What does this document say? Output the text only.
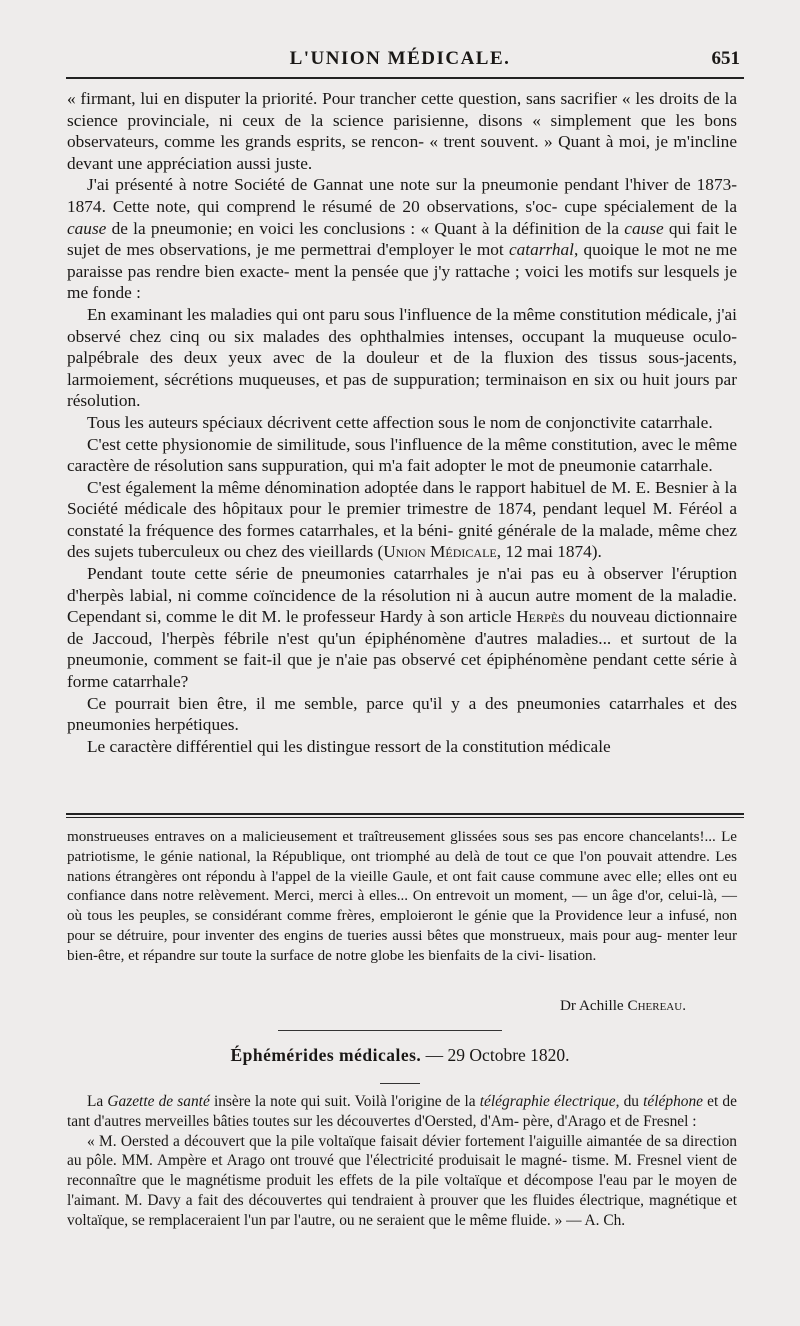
L'UNION MÉDICALE.	651

« firmant, lui en disputer la priorité. Pour trancher cette question, sans sacrifier « les droits de la science provinciale, ni ceux de la science parisienne, disons « simplement que les bons observateurs, comme les grands esprits, se rencon- « trent souvent. » Quant à moi, je m'incline devant une appréciation aussi juste.

J'ai présenté à notre Société de Gannat une note sur la pneumonie pendant l'hiver de 1873-1874. Cette note, qui comprend le résumé de 20 observations, s'oc- cupe spécialement de la cause de la pneumonie; en voici les conclusions : « Quant à la définition de la cause qui fait le sujet de mes observations, je me permettrai d'employer le mot catarrhal, quoique le mot ne me paraisse pas rendre bien exacte- ment la pensée que j'y rattache ; voici les motifs sur lesquels je me fonde :

En examinant les maladies qui ont paru sous l'influence de la même constitution médicale, j'ai observé chez cinq ou six malades des ophthalmies intenses, occupant la muqueuse oculo-palpébrale des deux yeux avec de la douleur et de la fluxion des tissus sous-jacents, larmoiement, sécrétions muqueuses, et pas de suppuration; terminaison en six ou huit jours par résolution.

Tous les auteurs spéciaux décrivent cette affection sous le nom de conjonctivite catarrhale.

C'est cette physionomie de similitude, sous l'influence de la même constitution, avec le même caractère de résolution sans suppuration, qui m'a fait adopter le mot de pneumonie catarrhale.

C'est également la même dénomination adoptée dans le rapport habituel de M. E. Besnier à la Société médicale des hôpitaux pour le premier trimestre de 1874, pendant lequel M. Féréol a constaté la fréquence des formes catarrhales, et la béni- gnité générale de la malade, même chez des sujets tuberculeux ou chez des vieillards (Union Médicale, 12 mai 1874).

Pendant toute cette série de pneumonies catarrhales je n'ai pas eu à observer l'éruption d'herpès labial, ni comme coïncidence de la résolution ni à aucun autre moment de la maladie. Cependant si, comme le dit M. le professeur Hardy à son article Herpès du nouveau dictionnaire de Jaccoud, l'herpès fébrile n'est qu'un épiphénomène d'autres maladies... et surtout de la pneumonie, comment se fait-il que je n'aie pas observé cet épiphénomène pendant cette série à forme catarrhale?

Ce pourrait bien être, il me semble, parce qu'il y a des pneumonies catarrhales et des pneumonies herpétiques.

Le caractère différentiel qui les distingue ressort de la constitution médicale

monstrueuses entraves on a malicieusement et traîtreusement glissées sous ses pas encore chancelants!... Le patriotisme, le génie national, la République, ont triomphé au delà de tout ce que l'on pouvait attendre. Les nations étrangères ont répondu à l'appel de la vieille Gaule, et ont fait cause commune avec elle; elles ont eu confiance dans notre relèvement. Merci, merci à elles... On entrevoit un moment, — un âge d'or, celui-là, — où tous les peuples, se considérant comme frères, emploieront le génie que la Providence leur a infusé, non pour se détruire, pour inventer des engins de tueries aussi bêtes que monstrueux, mais pour aug- menter leur bien-être, et répandre sur toute la surface de notre globe les bienfaits de la civi- lisation.

Dr Achille Chereau.
Éphémérides médicales. — 29 Octobre 1820.

La Gazette de santé insère la note qui suit. Voilà l'origine de la télégraphie électrique, du téléphone et de tant d'autres merveilles bâties toutes sur les découvertes d'Oersted, d'Am- père, d'Arago et de Fresnel :

« M. Oersted a découvert que la pile voltaïque faisait dévier fortement l'aiguille aimantée de sa direction au pôle. MM. Ampère et Arago ont trouvé que l'électricité produisait le magné- tisme. M. Fresnel vient de reconnaître que le magnétisme produit les effets de la pile voltaïque et décompose l'eau par le moyen de l'aimant. M. Davy a fait des découvertes qui tendraient à prouver que les fluides électrique, magnétique et voltaïque, se remplaceraient l'un par l'autre, ou ne seraient que le même fluide. » — A. Ch.
